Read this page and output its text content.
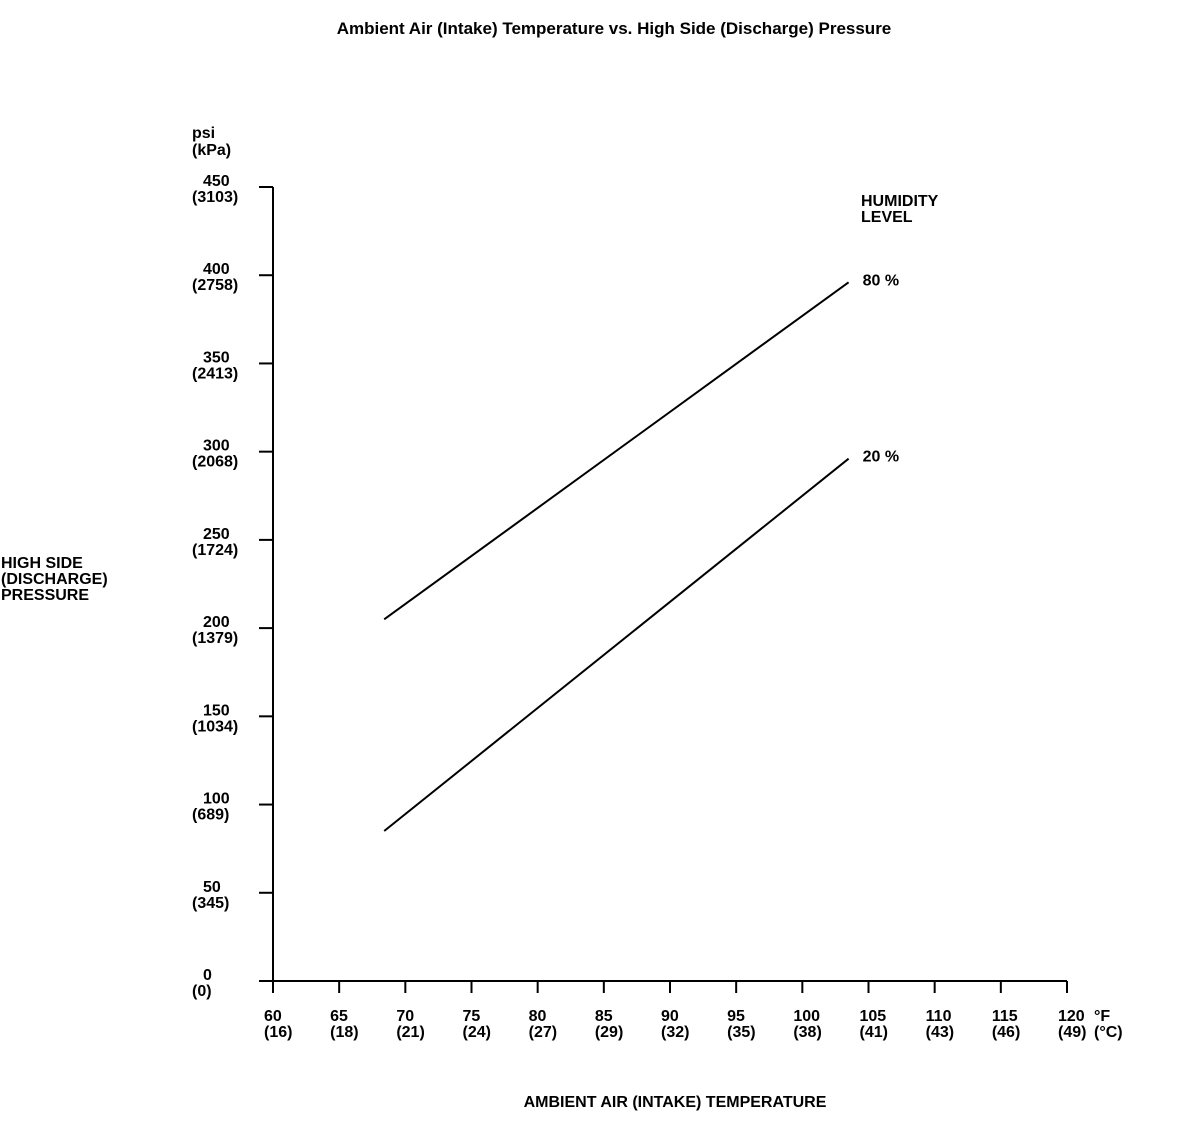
Ambient Air (Intake) Temperature vs. High Side (Discharge) Pressure
0
(0)
50
(345)
100
(689)
150
(1034)
200
(1379)
250
(1724)
300
(2068)
350
(2413)
400
(2758)
450
(3103)
60
(16)
65
(18)
70
(21)
75
(24)
80
(27)
85
(29)
90
(32)
95
(35)
100
(38)
105
(41)
110
(43)
115
(46)
120
(49)
80 %
20 %
psi
(kPa)
HIGH SIDE
(DISCHARGE)
PRESSURE
°F
(°C)
AMBIENT AIR (INTAKE) TEMPERATURE
HUMIDITY
LEVEL
